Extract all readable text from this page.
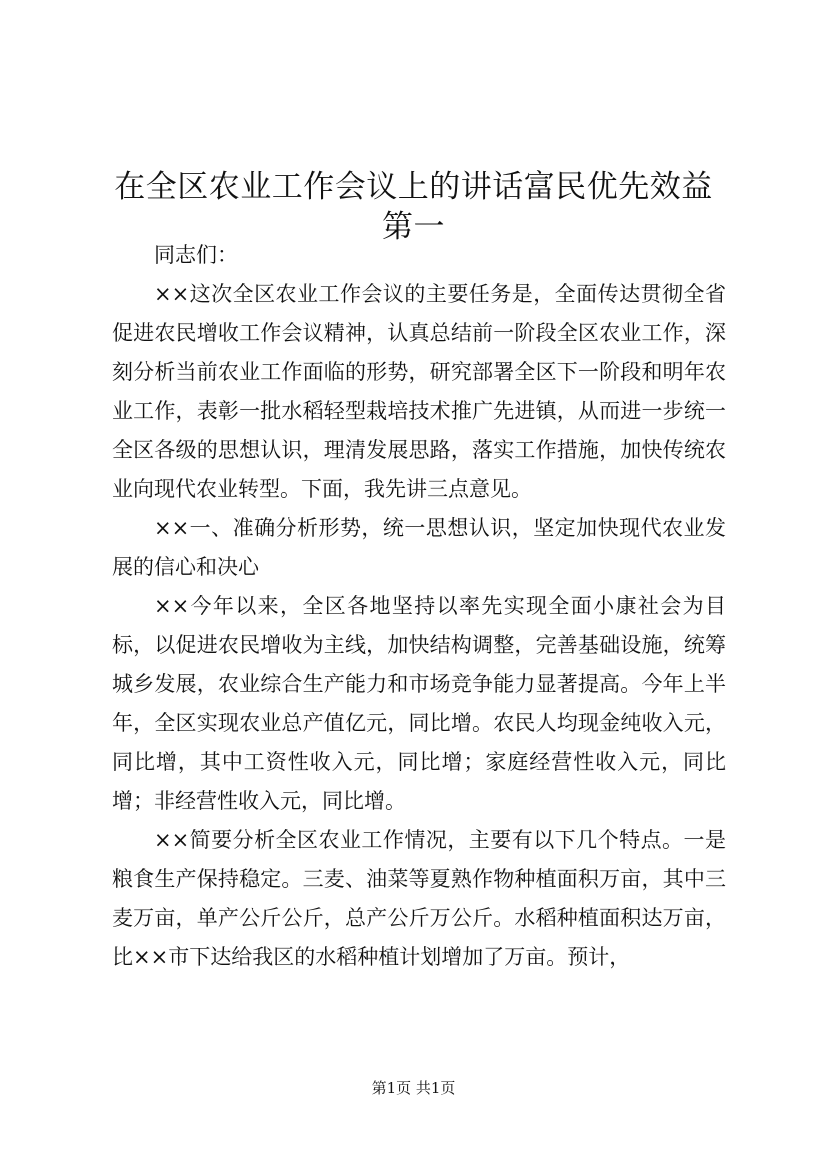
在全区农业工作会议上的讲话富民优先效益第一

同志们：

××这次全区农业工作会议的主要任务是，全面传达贯彻全省促进农民增收工作会议精神，认真总结前一阶段全区农业工作，深刻分析当前农业工作面临的形势，研究部署全区下一阶段和明年农业工作，表彰一批水稻轻型栽培技术推广先进镇，从而进一步统一全区各级的思想认识，理清发展思路，落实工作措施，加快传统农业向现代农业转型。下面，我先讲三点意见。

××一、准确分析形势，统一思想认识，坚定加快现代农业发展的信心和决心

××今年以来，全区各地坚持以率先实现全面小康社会为目标，以促进农民增收为主线，加快结构调整，完善基础设施，统筹城乡发展，农业综合生产能力和市场竞争能力显著提高。今年上半年，全区实现农业总产值亿元，同比增。农民人均现金纯收入元，同比增，其中工资性收入元，同比增；家庭经营性收入元，同比增；非经营性收入元，同比增。

××简要分析全区农业工作情况，主要有以下几个特点。一是粮食生产保持稳定。三麦、油菜等夏熟作物种植面积万亩，其中三麦万亩，单产公斤公斤，总产公斤万公斤。水稻种植面积达万亩，比××市下达给我区的水稻种植计划增加了万亩。预计，

第1页 共1页
